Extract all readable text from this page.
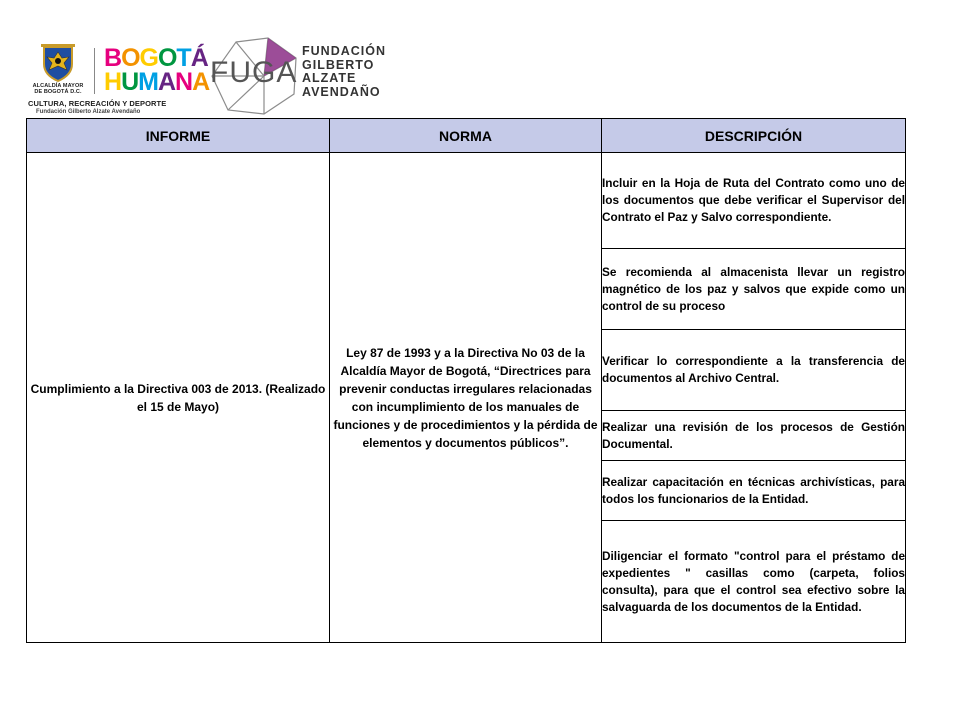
ALCALDÍA MAYOR
DE BOGOTÁ D.C.
BOGOTÁ
HUMANA
CULTURA, RECREACIÓN Y DEPORTE
Fundación Gilberto Alzate Avendaño
FUGA
FUNDACIÓN
GILBERTO
ALZATE
AVENDAÑO
INFORME	NORMA	DESCRIPCIÓN
Cumplimiento a la Directiva 003 de 2013. (Realizado el 15 de Mayo)	Ley 87 de 1993 y a la Directiva No 03 de la Alcaldía Mayor de Bogotá, “Directrices para prevenir conductas irregulares relacionadas con incumplimiento de los manuales de funciones y de procedimientos y la pérdida de elementos y documentos públicos”.	Incluir en la Hoja de Ruta del Contrato como uno de los documentos que debe verificar el Supervisor del Contrato el Paz y Salvo correspondiente.
		Se recomienda al almacenista llevar un registro magnético de los paz y salvos que expide como un control de su proceso
		Verificar lo correspondiente a la transferencia de documentos al Archivo Central.
		Realizar una revisión de los procesos de Gestión Documental.
		Realizar capacitación en técnicas archivísticas, para todos los funcionarios de la Entidad.
		Diligenciar el formato "control para el préstamo de expedientes " casillas como (carpeta, folios consulta), para que el control sea efectivo sobre la salvaguarda de los documentos de la Entidad.
